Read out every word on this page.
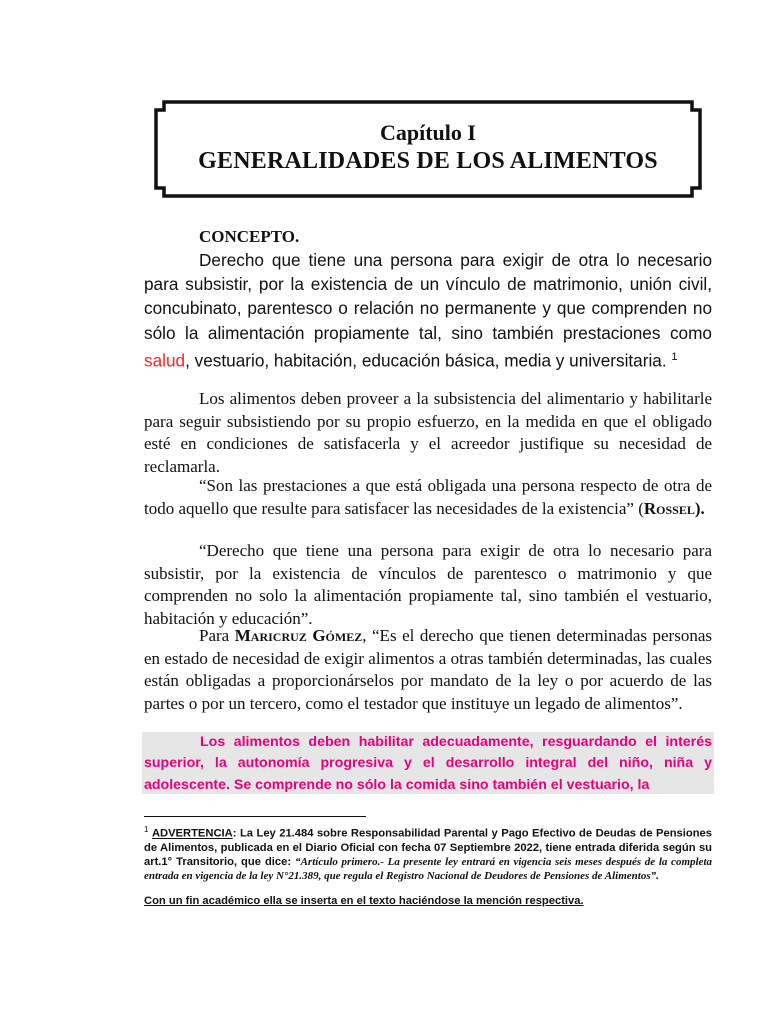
Capítulo I
GENERALIDADES DE LOS ALIMENTOS
CONCEPTO.
Derecho que tiene una persona para exigir de otra lo necesario para subsistir, por la existencia de un vínculo de matrimonio, unión civil, concubinato, parentesco o relación no permanente y que comprenden no sólo la alimentación propiamente tal, sino también prestaciones como salud, vestuario, habitación, educación básica, media y universitaria. $^1$
Los alimentos deben proveer a la subsistencia del alimentario y habilitarle para seguir subsistiendo por su propio esfuerzo, en la medida en que el obligado esté en condiciones de satisfacerla y el acreedor justifique su necesidad de reclamarla.
“Son las prestaciones a que está obligada una persona respecto de otra de todo aquello que resulte para satisfacer las necesidades de la existencia” (Rossel).
“Derecho que tiene una persona para exigir de otra lo necesario para subsistir, por la existencia de vínculos de parentesco o matrimonio y que comprenden no solo la alimentación propiamente tal, sino también el vestuario, habitación y educación”.
Para Maricruz Gómez, “Es el derecho que tienen determinadas personas en estado de necesidad de exigir alimentos a otras también determinadas, las cuales están obligadas a proporcionárselos por mandato de la ley o por acuerdo de las partes o por un tercero, como el testador que instituye un legado de alimentos”.
Los alimentos deben habilitar adecuadamente, resguardando el interés superior, la autonomía progresiva y el desarrollo integral del niño, niña y adolescente. Se comprende no sólo la comida sino también el vestuario, la
$^1$ ADVERTENCIA: La Ley 21.484 sobre Responsabilidad Parental y Pago Efectivo de Deudas de Pensiones de Alimentos, publicada en el Diario Oficial con fecha 07 Septiembre 2022, tiene entrada diferida según su art.1° Transitorio, que dice: “Artículo primero.- La presente ley entrará en vigencia seis meses después de la completa entrada en vigencia de la ley N°21.389, que regula el Registro Nacional de Deudores de Pensiones de Alimentos”.
Con un fin académico ella se inserta en el texto haciéndose la mención respectiva.
